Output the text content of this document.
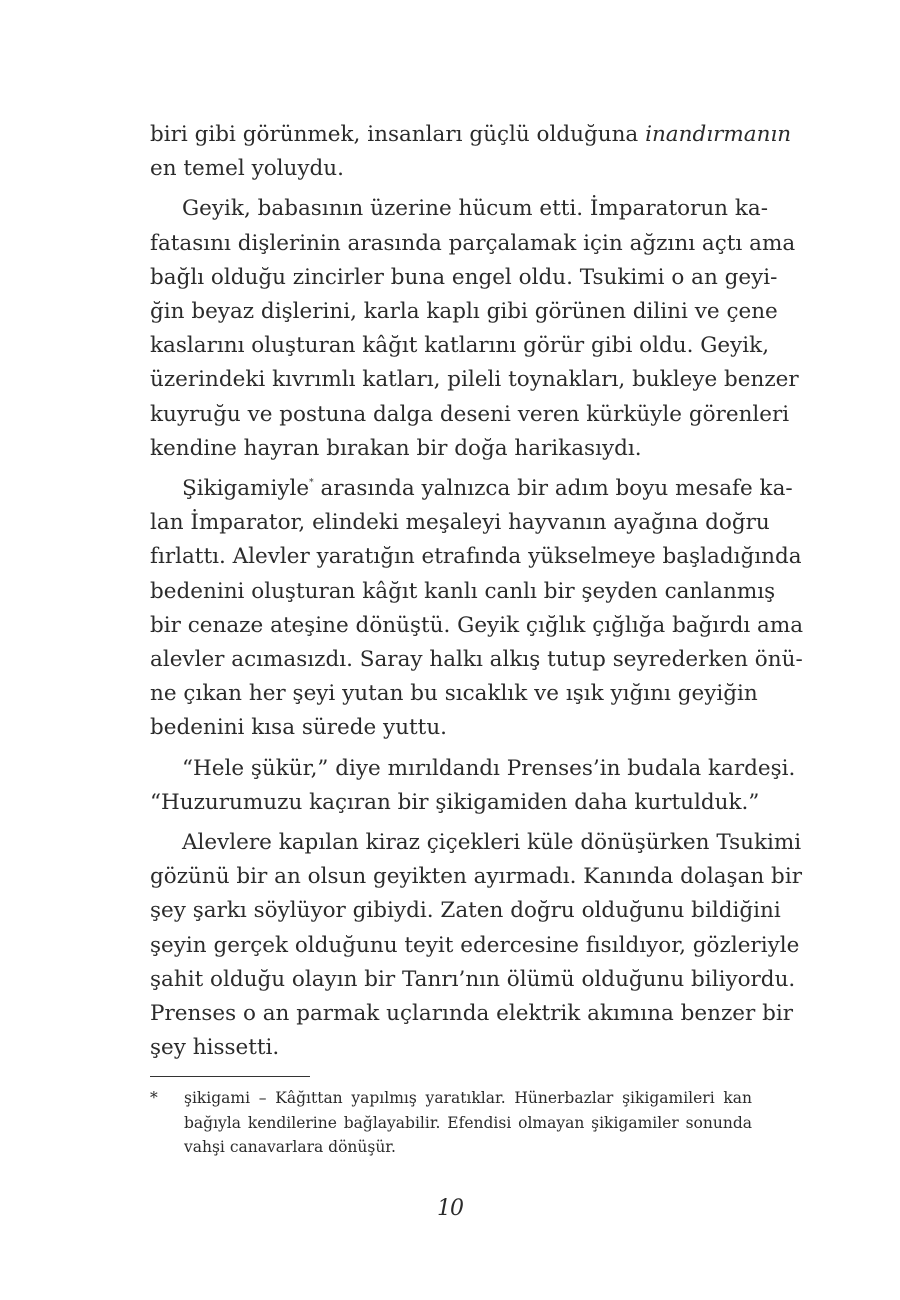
biri gibi görünmek, insanları güçlü olduğuna inandırmanın
en temel yoluydu.

Geyik, babasının üzerine hücum etti. İmparatorun ka-
fatasını dişlerinin arasında parçalamak için ağzını açtı ama
bağlı olduğu zincirler buna engel oldu. Tsukimi o an geyi-
ğin beyaz dişlerini, karla kaplı gibi görünen dilini ve çene
kaslarını oluşturan kâğıt katlarını görür gibi oldu. Geyik,
üzerindeki kıvrımlı katları, pileli toynakları, bukleye benzer
kuyruğu ve postuna dalga deseni veren kürküyle görenleri
kendine hayran bırakan bir doğa harikasıydı.

Şikigamiyle* arasında yalnızca bir adım boyu mesafe ka-
lan İmparator, elindeki meşaleyi hayvanın ayağına doğru
fırlattı. Alevler yaratığın etrafında yükselmeye başladığında
bedenini oluşturan kâğıt kanlı canlı bir şeyden canlanmış
bir cenaze ateşine dönüştü. Geyik çığlık çığlığa bağırdı ama
alevler acımasızdı. Saray halkı alkış tutup seyrederken önü-
ne çıkan her şeyi yutan bu sıcaklık ve ışık yığını geyiğin
bedenini kısa sürede yuttu.

“Hele şükür,” diye mırıldandı Prenses’in budala kardeşi.
“Huzurumuzu kaçıran bir şikigamiden daha kurtulduk.”

Alevlere kapılan kiraz çiçekleri küle dönüşürken Tsukimi
gözünü bir an olsun geyikten ayırmadı. Kanında dolaşan bir
şey şarkı söylüyor gibiydi. Zaten doğru olduğunu bildiğini
şeyin gerçek olduğunu teyit edercesine fısıldıyor, gözleriyle
şahit olduğu olayın bir Tanrı’nın ölümü olduğunu biliyordu.
Prenses o an parmak uçlarında elektrik akımına benzer bir
şey hissetti.

* şikigami – Kâğıttan yapılmış yaratıklar. Hünerbazlar şikigamileri kan
bağıyla kendilerine bağlayabilir. Efendisi olmayan şikigamiler sonunda
vahşi canavarlara dönüşür.
10
